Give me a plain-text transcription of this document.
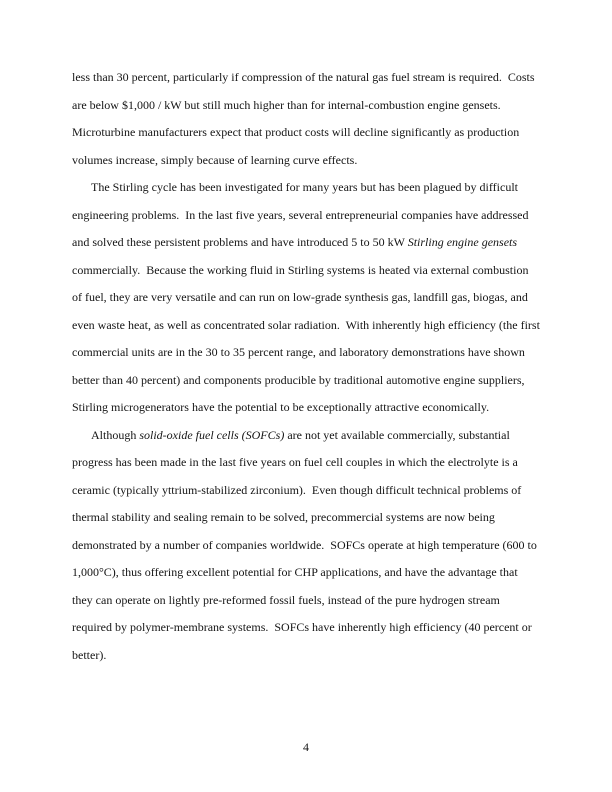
less than 30 percent, particularly if compression of the natural gas fuel stream is required.  Costs are below $1,000 / kW but still much higher than for internal-combustion engine gensets.  Microturbine manufacturers expect that product costs will decline significantly as production volumes increase, simply because of learning curve effects.

The Stirling cycle has been investigated for many years but has been plagued by difficult engineering problems.  In the last five years, several entrepreneurial companies have addressed and solved these persistent problems and have introduced 5 to 50 kW Stirling engine gensets commercially.  Because the working fluid in Stirling systems is heated via external combustion of fuel, they are very versatile and can run on low-grade synthesis gas, landfill gas, biogas, and even waste heat, as well as concentrated solar radiation.  With inherently high efficiency (the first commercial units are in the 30 to 35 percent range, and laboratory demonstrations have shown better than 40 percent) and components producible by traditional automotive engine suppliers, Stirling microgenerators have the potential to be exceptionally attractive economically.

Although solid-oxide fuel cells (SOFCs) are not yet available commercially, substantial progress has been made in the last five years on fuel cell couples in which the electrolyte is a ceramic (typically yttrium-stabilized zirconium).  Even though difficult technical problems of thermal stability and sealing remain to be solved, precommercial systems are now being demonstrated by a number of companies worldwide.  SOFCs operate at high temperature (600 to 1,000°C), thus offering excellent potential for CHP applications, and have the advantage that they can operate on lightly pre-reformed fossil fuels, instead of the pure hydrogen stream required by polymer-membrane systems.  SOFCs have inherently high efficiency (40 percent or better).

4
